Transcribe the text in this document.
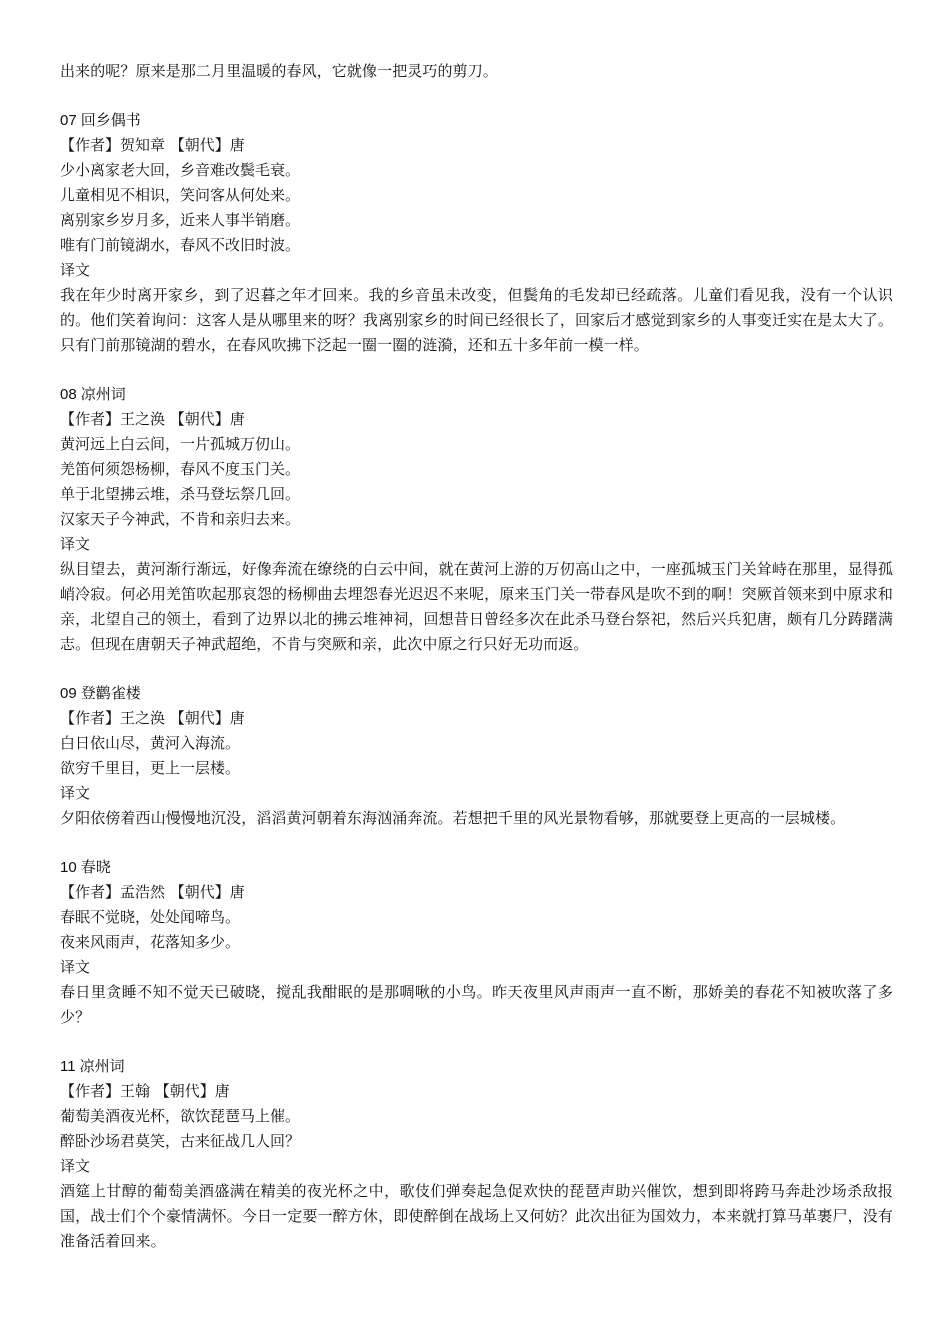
出来的呢？原来是那二月里温暖的春风，它就像一把灵巧的剪刀。
07 回乡偶书
【作者】贺知章 【朝代】唐
少小离家老大回，乡音难改鬓毛衰。
儿童相见不相识，笑问客从何处来。
离别家乡岁月多，近来人事半销磨。
唯有门前镜湖水，春风不改旧时波。
译文
我在年少时离开家乡，到了迟暮之年才回来。我的乡音虽未改变，但鬓角的毛发却已经疏落。儿童们看见我，没有一个认识的。他们笑着询问：这客人是从哪里来的呀？我离别家乡的时间已经很长了，回家后才感觉到家乡的人事变迁实在是太大了。只有门前那镜湖的碧水，在春风吹拂下泛起一圈一圈的涟漪，还和五十多年前一模一样。
08 凉州词
【作者】王之涣 【朝代】唐
黄河远上白云间，一片孤城万仞山。
羌笛何须怨杨柳，春风不度玉门关。
单于北望拂云堆，杀马登坛祭几回。
汉家天子今神武，不肯和亲归去来。
译文
纵目望去，黄河渐行渐远，好像奔流在缭绕的白云中间，就在黄河上游的万仞高山之中，一座孤城玉门关耸峙在那里，显得孤峭冷寂。何必用羌笛吹起那哀怨的杨柳曲去埋怨春光迟迟不来呢，原来玉门关一带春风是吹不到的啊！突厥首领来到中原求和亲，北望自己的领土，看到了边界以北的拂云堆神祠，回想昔日曾经多次在此杀马登台祭祀，然后兴兵犯唐，颇有几分踌躇满志。但现在唐朝天子神武超绝，不肯与突厥和亲，此次中原之行只好无功而返。
09 登鹳雀楼
【作者】王之涣 【朝代】唐
白日依山尽，黄河入海流。
欲穷千里目，更上一层楼。
译文
夕阳依傍着西山慢慢地沉没，滔滔黄河朝着东海汹涌奔流。若想把千里的风光景物看够，那就要登上更高的一层城楼。
10 春晓
【作者】孟浩然 【朝代】唐
春眠不觉晓，处处闻啼鸟。
夜来风雨声，花落知多少。
译文
春日里贪睡不知不觉天已破晓，搅乱我酣眠的是那啁啾的小鸟。昨天夜里风声雨声一直不断，那娇美的春花不知被吹落了多少？
11 凉州词
【作者】王翰 【朝代】唐
葡萄美酒夜光杯，欲饮琵琶马上催。
醉卧沙场君莫笑，古来征战几人回？
译文
酒筵上甘醇的葡萄美酒盛满在精美的夜光杯之中，歌伎们弹奏起急促欢快的琵琶声助兴催饮，想到即将跨马奔赴沙场杀敌报国，战士们个个豪情满怀。今日一定要一醉方休，即使醉倒在战场上又何妨？此次出征为国效力，本来就打算马革裹尸，没有准备活着回来。
